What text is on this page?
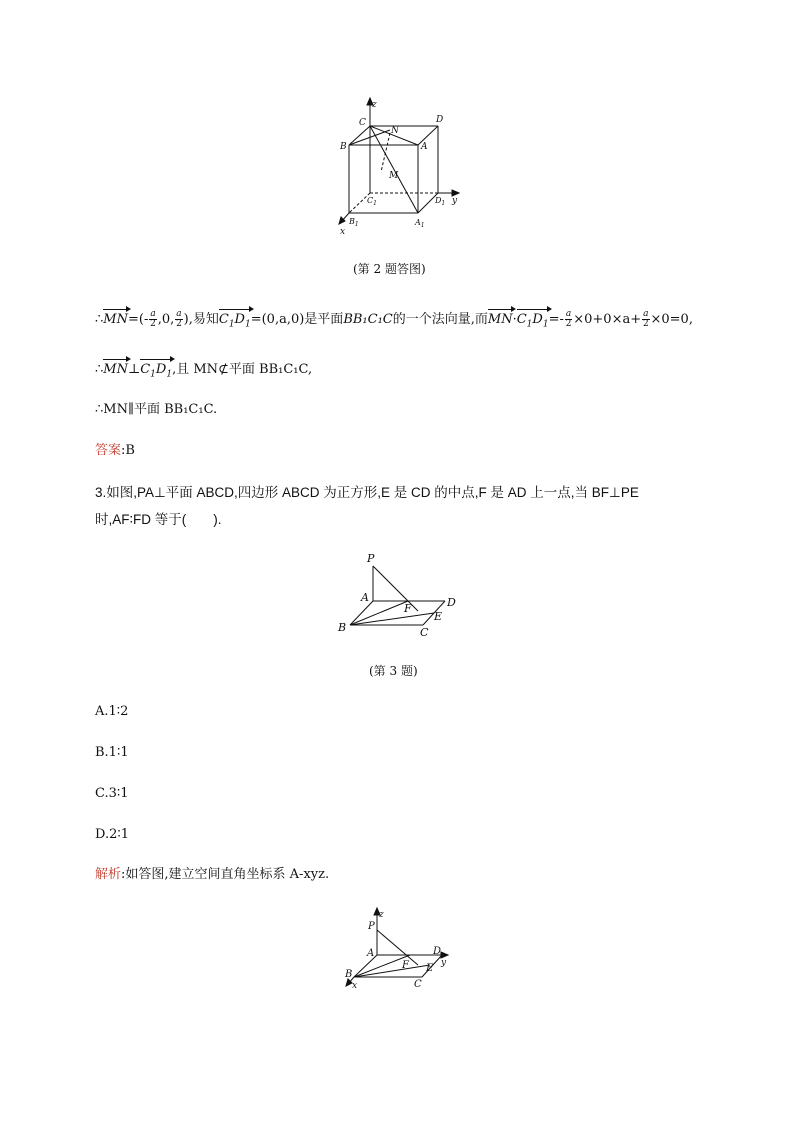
z
C
N
D
B	A
M
$C_1$	$D_1$ y
$B_1$	$A_1$
x
(第 2 题答图)
∴MN=(- $\frac{a}{2} ,0$, $\frac{a}{2}$ ),易知$C_1D_1=(0,a,0)$是平面BB₁C₁C的一个法向量,而$MN\cdot C_1D_1=- \frac{a}{2} \times 0+0\times a+ \frac{a}{2} \times 0=0$,
$\therefore MN\perp C_1D_1$,且 MN⊄平面 BB₁C₁C,
∴MN∥平面 BB₁C₁C.
答案:B
3.如图,PA⊥平面 ABCD,四边形 ABCD 为正方形,E 是 CD 的中点,F 是 AD 上一点,当 BF⊥PE
时,AF∶FD 等于(　　).
P
A
F	D
E
B	C
(第 3 题)
A.1∶2
B.1∶1
C.3∶1
D.2∶1
解析:如答图,建立空间直角坐标系 A-xyz.
z
P
A	D
y
F E
B
x	C
